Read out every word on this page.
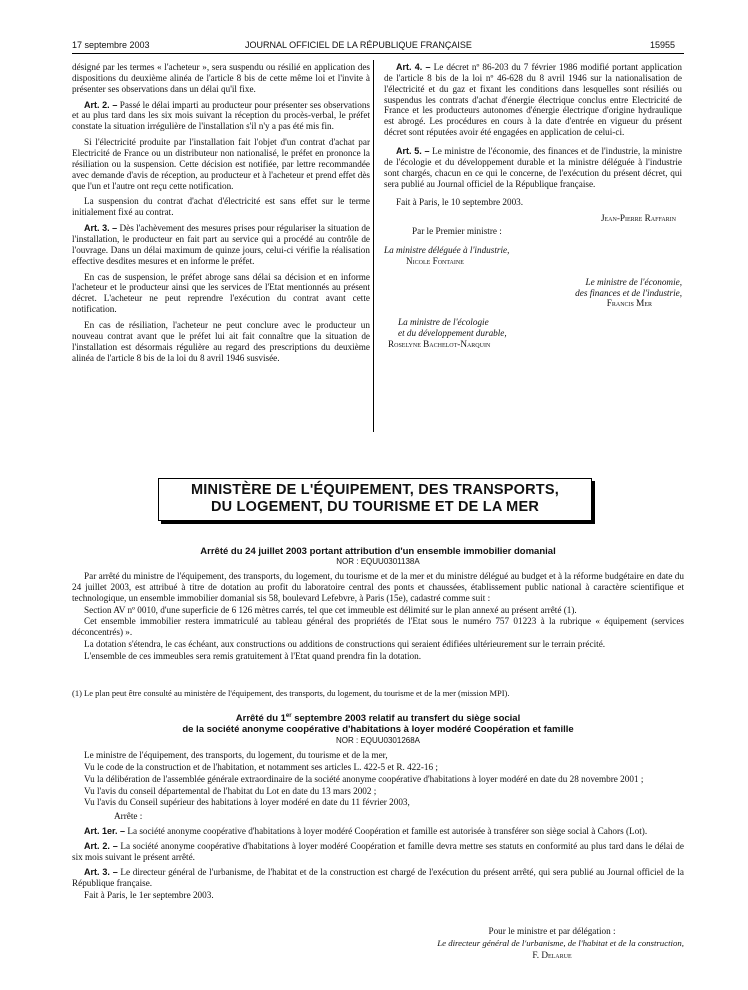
17 septembre 2003	JOURNAL OFFICIEL DE LA RÉPUBLIQUE FRANÇAISE	15955

désigné par les termes « l'acheteur », sera suspendu ou résilié en application des dispositions du deuxième alinéa de l'article 8 bis de cette même loi et l'invite à présenter ses observations dans un délai qu'il fixe.

Art. 2. – Passé le délai imparti au producteur pour présenter ses observations et au plus tard dans les six mois suivant la réception du procès-verbal, le préfet constate la situation irrégulière de l'installation s'il n'y a pas été mis fin.

Si l'électricité produite par l'installation fait l'objet d'un contrat d'achat par Electricité de France ou un distributeur non nationalisé, le préfet en prononce la résiliation ou la suspension. Cette décision est notifiée, par lettre recommandée avec demande d'avis de réception, au producteur et à l'acheteur et prend effet dès que l'un et l'autre ont reçu cette notification.

La suspension du contrat d'achat d'électricité est sans effet sur le terme initialement fixé au contrat.

Art. 3. – Dès l'achèvement des mesures prises pour régulariser la situation de l'installation, le producteur en fait part au service qui a procédé au contrôle de l'ouvrage. Dans un délai maximum de quinze jours, celui-ci vérifie la réalisation effective desdites mesures et en informe le préfet.

En cas de suspension, le préfet abroge sans délai sa décision et en informe l'acheteur et le producteur ainsi que les services de l'Etat mentionnés au présent décret. L'acheteur ne peut reprendre l'exécution du contrat avant cette notification.

En cas de résiliation, l'acheteur ne peut conclure avec le producteur un nouveau contrat avant que le préfet lui ait fait connaître que la situation de l'installation est désormais régulière au regard des prescriptions du deuxième alinéa de l'article 8 bis de la loi du 8 avril 1946 susvisée.

Art. 4. – Le décret nº 86-203 du 7 février 1986 modifié portant application de l'article 8 bis de la loi nº 46-628 du 8 avril 1946 sur la nationalisation de l'électricité et du gaz et fixant les conditions dans lesquelles sont résiliés ou suspendus les contrats d'achat d'énergie électrique conclus entre Electricité de France et les producteurs autonomes d'énergie électrique d'origine hydraulique est abrogé. Les procédures en cours à la date d'entrée en vigueur du présent décret sont réputées avoir été engagées en application de celui-ci.

Art. 5. – Le ministre de l'économie, des finances et de l'industrie, la ministre de l'écologie et du développement durable et la ministre déléguée à l'industrie sont chargés, chacun en ce qui le concerne, de l'exécution du présent décret, qui sera publié au Journal officiel de la République française.

Fait à Paris, le 10 septembre 2003.

Jean-Pierre Raffarin
Par le Premier ministre :
La ministre déléguée à l'industrie,
Nicole Fontaine
Le ministre de l'économie,
des finances et de l'industrie,
Francis Mer
La ministre de l'écologie
et du développement durable,
Roselyne Bachelot-Narquin
MINISTÈRE DE L'ÉQUIPEMENT, DES TRANSPORTS,
DU LOGEMENT, DU TOURISME ET DE LA MER
Arrêté du 24 juillet 2003 portant attribution d'un ensemble immobilier domanial
NOR : EQUU0301138A

Par arrêté du ministre de l'équipement, des transports, du logement, du tourisme et de la mer et du ministre délégué au budget et à la réforme budgétaire en date du 24 juillet 2003, est attribué à titre de dotation au profit du laboratoire central des ponts et chaussées, établissement public national à caractère scientifique et technologique, un ensemble immobilier domanial sis 58, boulevard Lefebvre, à Paris (15e), cadastré comme suit :

Section AV nº 0010, d'une superficie de 6 126 mètres carrés, tel que cet immeuble est délimité sur le plan annexé au présent arrêté (1).

Cet ensemble immobilier restera immatriculé au tableau général des propriétés de l'Etat sous le numéro 757 01223 à la rubrique « équipement (services déconcentrés) ».

La dotation s'étendra, le cas échéant, aux constructions ou additions de constructions qui seraient édifiées ultérieurement sur le terrain précité.

L'ensemble de ces immeubles sera remis gratuitement à l'Etat quand prendra fin la dotation.

(1) Le plan peut être consulté au ministère de l'équipement, des transports, du logement, du tourisme et de la mer (mission MPI).
Arrêté du 1er septembre 2003 relatif au transfert du siège social
de la société anonyme coopérative d'habitations à loyer modéré Coopération et famille
NOR : EQUU0301268A

Le ministre de l'équipement, des transports, du logement, du tourisme et de la mer,

Vu le code de la construction et de l'habitation, et notamment ses articles L. 422-5 et R. 422-16 ;

Vu la délibération de l'assemblée générale extraordinaire de la société anonyme coopérative d'habitations à loyer modéré en date du 28 novembre 2001 ;

Vu l'avis du conseil départemental de l'habitat du Lot en date du 13 mars 2002 ;

Vu l'avis du Conseil supérieur des habitations à loyer modéré en date du 11 février 2003,

Arrête :

Art. 1er. – La société anonyme coopérative d'habitations à loyer modéré Coopération et famille est autorisée à transférer son siège social à Cahors (Lot).

Art. 2. – La société anonyme coopérative d'habitations à loyer modéré Coopération et famille devra mettre ses statuts en conformité au plus tard dans le délai de six mois suivant le présent arrêté.

Art. 3. – Le directeur général de l'urbanisme, de l'habitat et de la construction est chargé de l'exécution du présent arrêté, qui sera publié au Journal officiel de la République française.

Fait à Paris, le 1er septembre 2003.

Pour le ministre et par délégation :
Le directeur général de l'urbanisme, de l'habitat et de la construction,
F. Delarue
